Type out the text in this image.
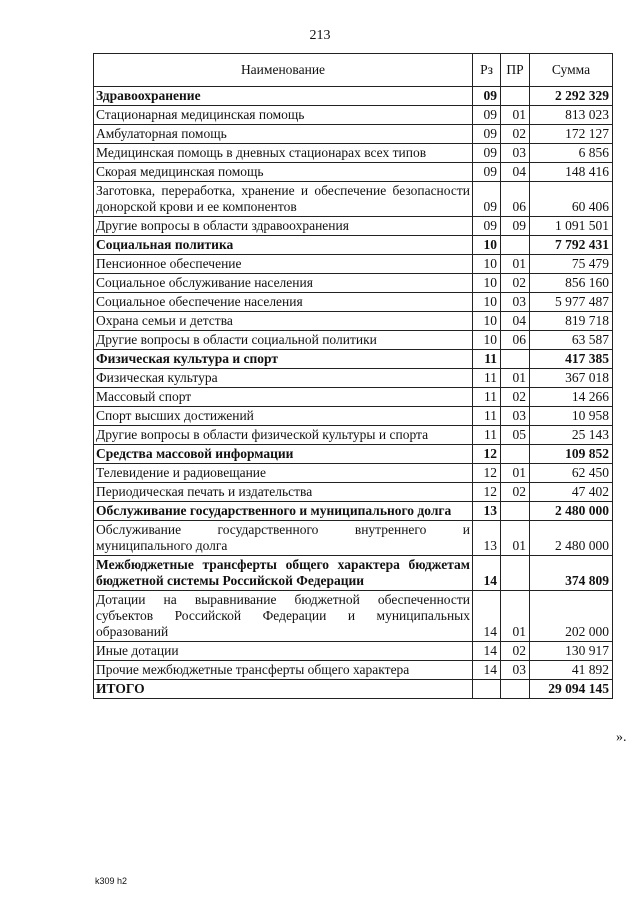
213
Наименование	Рз	ПР	Сумма
Здравоохранение	09		2 292 329
Стационарная медицинская помощь	09	01	813 023
Амбулаторная помощь	09	02	172 127
Медицинская помощь в дневных стационарах всех типов	09	03	6 856
Скорая медицинская помощь	09	04	148 416
Заготовка, переработка, хранение и обеспечение безопасности донорской крови и ее компонентов	09	06	60 406
Другие вопросы в области здравоохранения	09	09	1 091 501
Социальная политика	10		7 792 431
Пенсионное обеспечение	10	01	75 479
Социальное обслуживание населения	10	02	856 160
Социальное обеспечение населения	10	03	5 977 487
Охрана семьи и детства	10	04	819 718
Другие вопросы в области социальной политики	10	06	63 587
Физическая культура и спорт	11		417 385
Физическая культура	11	01	367 018
Массовый спорт	11	02	14 266
Спорт высших достижений	11	03	10 958
Другие вопросы в области физической культуры и спорта	11	05	25 143
Средства массовой информации	12		109 852
Телевидение и радиовещание	12	01	62 450
Периодическая печать и издательства	12	02	47 402
Обслуживание государственного и муниципального долга	13		2 480 000
Обслуживание государственного внутреннего и муниципального долга	13	01	2 480 000
Межбюджетные трансферты общего характера бюджетам бюджетной системы Российской Федерации	14		374 809
Дотации на выравнивание бюджетной обеспеченности субъектов Российской Федерации и муниципальных образований	14	01	202 000
Иные дотации	14	02	130 917
Прочие межбюджетные трансферты общего характера	14	03	41 892
ИТОГО			29 094 145
».
k309 h2
